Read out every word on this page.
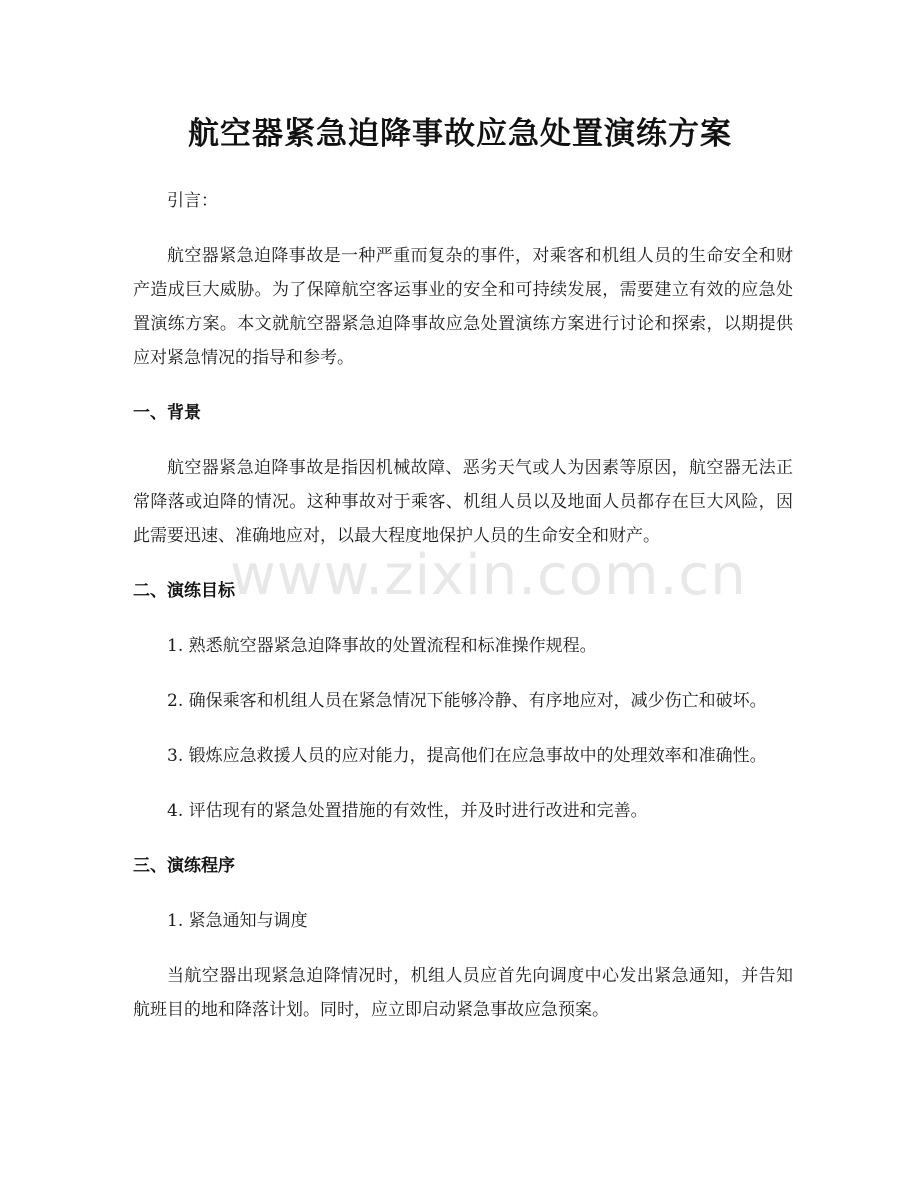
航空器紧急迫降事故应急处置演练方案

引言：

航空器紧急迫降事故是一种严重而复杂的事件，对乘客和机组人员的生命安全和财产造成巨大威胁。为了保障航空客运事业的安全和可持续发展，需要建立有效的应急处置演练方案。本文就航空器紧急迫降事故应急处置演练方案进行讨论和探索，以期提供应对紧急情况的指导和参考。

一、背景

航空器紧急迫降事故是指因机械故障、恶劣天气或人为因素等原因，航空器无法正常降落或迫降的情况。这种事故对于乘客、机组人员以及地面人员都存在巨大风险，因此需要迅速、准确地应对，以最大程度地保护人员的生命安全和财产。

二、演练目标

1. 熟悉航空器紧急迫降事故的处置流程和标准操作规程。

2. 确保乘客和机组人员在紧急情况下能够冷静、有序地应对，减少伤亡和破坏。

3. 锻炼应急救援人员的应对能力，提高他们在应急事故中的处理效率和准确性。

4. 评估现有的紧急处置措施的有效性，并及时进行改进和完善。

三、演练程序

1. 紧急通知与调度

当航空器出现紧急迫降情况时，机组人员应首先向调度中心发出紧急通知，并告知航班目的地和降落计划。同时，应立即启动紧急事故应急预案。

www.zixin.com.cn
